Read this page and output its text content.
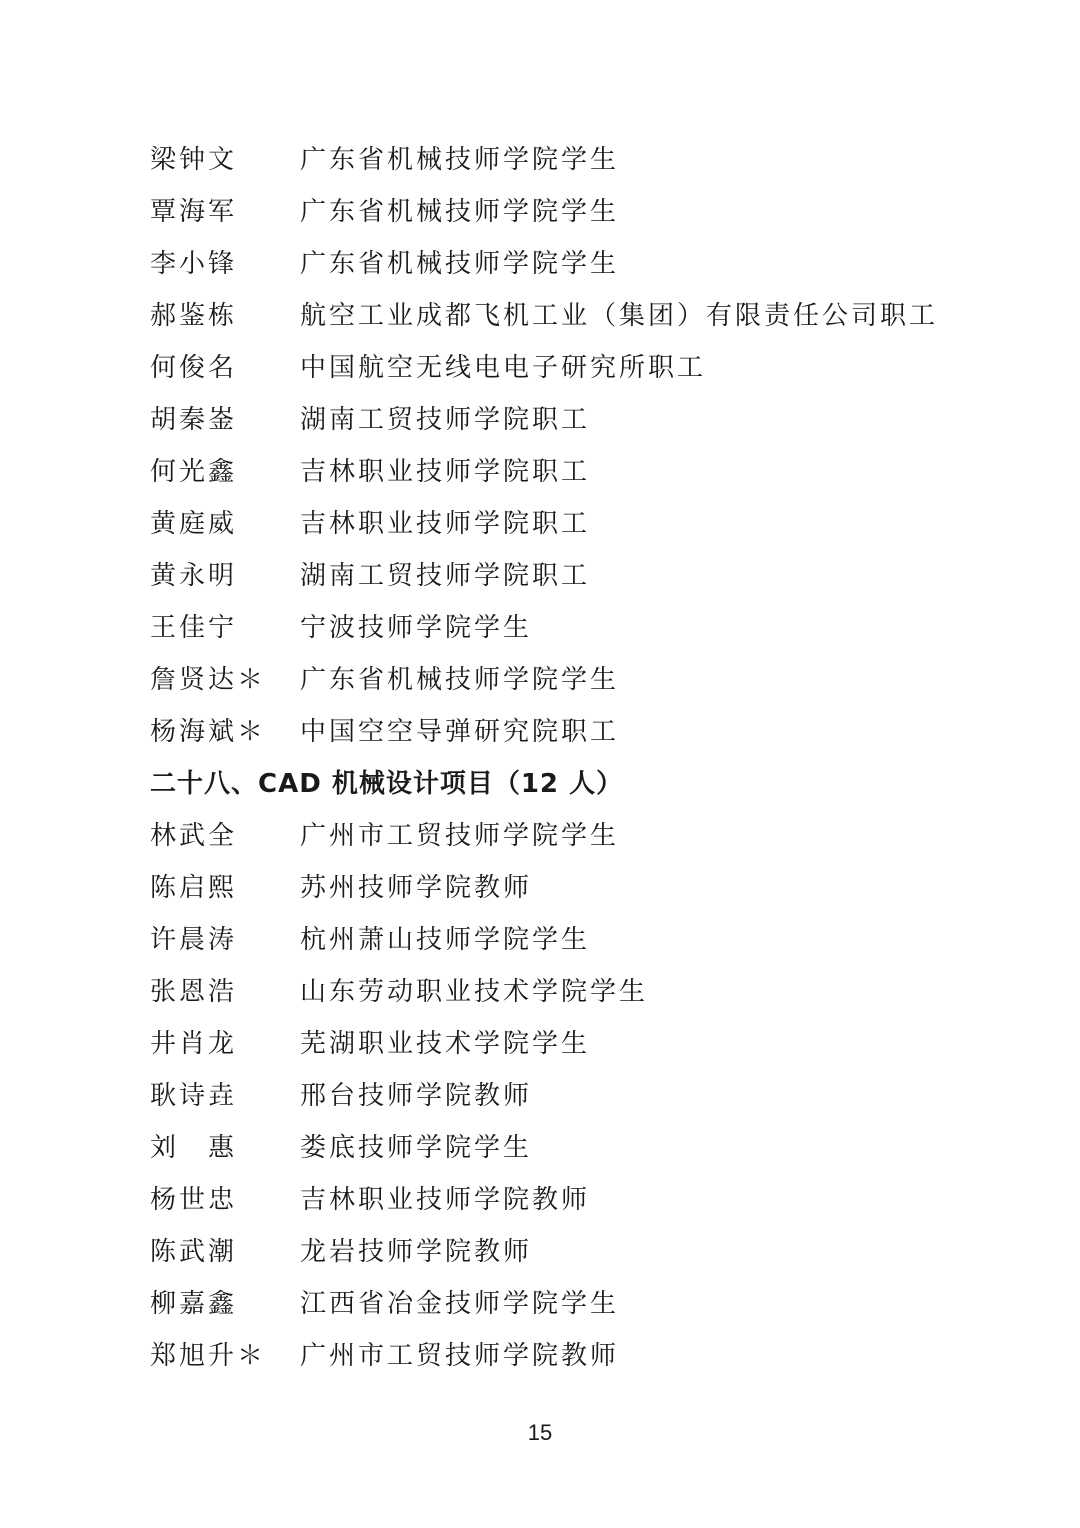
梁钟文	广东省机械技师学院学生
覃海军	广东省机械技师学院学生
李小锋	广东省机械技师学院学生
郝鉴栋	航空工业成都飞机工业（集团）有限责任公司职工
何俊名	中国航空无线电电子研究所职工
胡秦崟	湖南工贸技师学院职工
何光鑫	吉林职业技师学院职工
黄庭威	吉林职业技师学院职工
黄永明	湖南工贸技师学院职工
王佳宁	宁波技师学院学生
詹贤达＊	广东省机械技师学院学生
杨海斌＊	中国空空导弹研究院职工
二十八、CAD 机械设计项目（12 人）
林武全	广州市工贸技师学院学生
陈启熙	苏州技师学院教师
许晨涛	杭州萧山技师学院学生
张恩浩	山东劳动职业技术学院学生
井肖龙	芜湖职业技术学院学生
耿诗垚	邢台技师学院教师
刘　惠	娄底技师学院学生
杨世忠	吉林职业技师学院教师
陈武潮	龙岩技师学院教师
柳嘉鑫	江西省冶金技师学院学生
郑旭升＊	广州市工贸技师学院教师
15
